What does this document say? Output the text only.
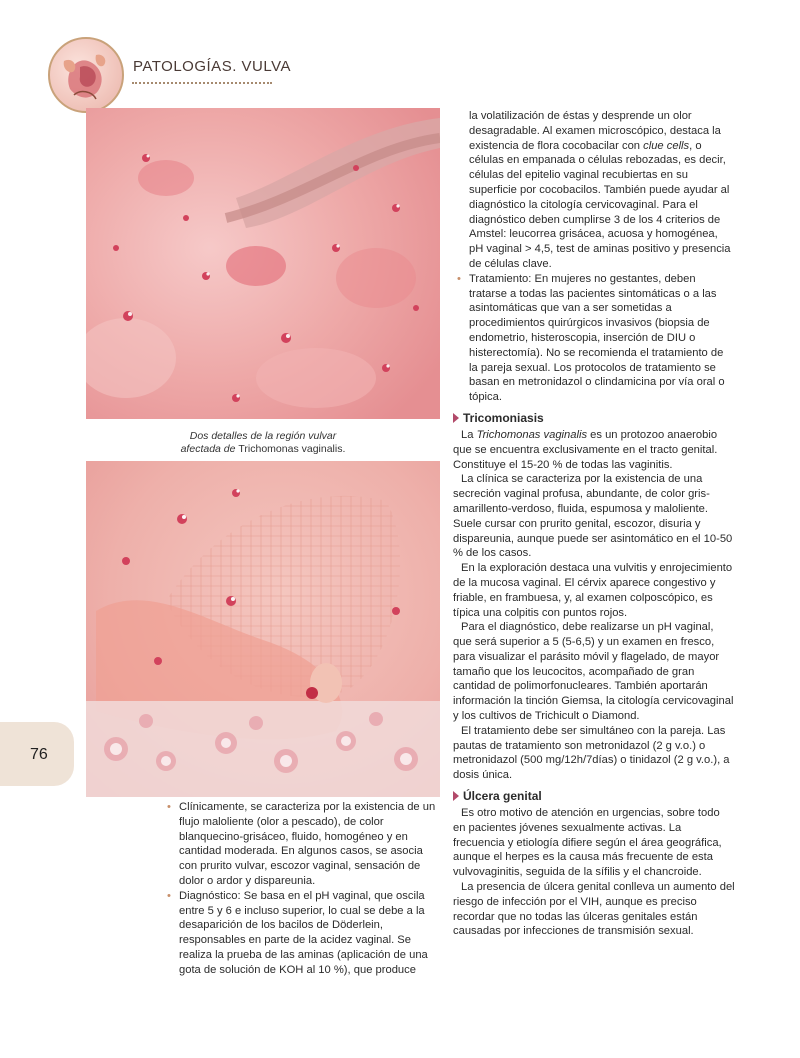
PATOLOGÍAS. VULVA
Dos detalles de la región vulvar
afectada de Trichomonas vaginalis.
76

la volatilización de éstas y desprende un olor desagradable. Al examen microscópico, destaca la existencia de flora cocobacilar con clue cells, o células en empanada o células rebozadas, es decir, células del epitelio vaginal recubiertas en su superficie por cocobacilos. También puede ayudar al diagnóstico la citología cervicovaginal. Para el diagnóstico deben cumplirse 3 de los 4 criterios de Amstel: leucorrea grisácea, acuosa y homogénea, pH vaginal > 4,5, test de aminas positivo y presencia de células clave.

• Tratamiento: En mujeres no gestantes, deben tratarse a todas las pacientes sintomáticas o a las asintomáticas que van a ser sometidas a procedimientos quirúrgicos invasivos (biopsia de endometrio, histeroscopia, inserción de DIU o histerectomía). No se recomienda el tratamiento de la pareja sexual. Los protocolos de tratamiento se basan en metronidazol o clindamicina por vía oral o tópica.

Tricomoniasis

La Trichomonas vaginalis es un protozoo anaerobio que se encuentra exclusivamente en el tracto genital. Constituye el 15-20 % de todas las vaginitis.

La clínica se caracteriza por la existencia de una secreción vaginal profusa, abundante, de color gris-amarillento-verdoso, fluida, espumosa y maloliente. Suele cursar con prurito genital, escozor, disuria y dispareunia, aunque puede ser asintomático en el 10-50 % de los casos.

En la exploración destaca una vulvitis y enrojecimiento de la mucosa vaginal. El cérvix aparece congestivo y friable, en frambuesa, y, al examen colposcópico, es típica una colpitis con puntos rojos.

Para el diagnóstico, debe realizarse un pH vaginal, que será superior a 5 (5-6,5) y un examen en fresco, para visualizar el parásito móvil y flagelado, de mayor tamaño que los leucocitos, acompañado de gran cantidad de polimorfonucleares. También aportarán información la tinción Giemsa, la citología cervicovaginal y los cultivos de Trichicult o Diamond.

El tratamiento debe ser simultáneo con la pareja. Las pautas de tratamiento son metronidazol (2 g v.o.) o metronidazol (500 mg/12h/7días) o tinidazol (2 g v.o.), a dosis única.

Úlcera genital

Es otro motivo de atención en urgencias, sobre todo en pacientes jóvenes sexualmente activas. La frecuencia y etiología difiere según el área geográfica, aunque el herpes es la causa más frecuente de esta vulvovaginitis, seguida de la sífilis y el chancroide.

La presencia de úlcera genital conlleva un aumento del riesgo de infección por el VIH, aunque es preciso recordar que no todas las úlceras genitales están causadas por infecciones de transmisión sexual.

• Clínicamente, se caracteriza por la existencia de un flujo maloliente (olor a pescado), de color blanquecino-grisáceo, fluido, homogéneo y en cantidad moderada. En algunos casos, se asocia con prurito vulvar, escozor vaginal, sensación de dolor o ardor y dispareunia.

• Diagnóstico: Se basa en el pH vaginal, que oscila entre 5 y 6 e incluso superior, lo cual se debe a la desaparición de los bacilos de Döderlein, responsables en parte de la acidez vaginal. Se realiza la prueba de las aminas (aplicación de una gota de solución de KOH al 10 %), que produce
